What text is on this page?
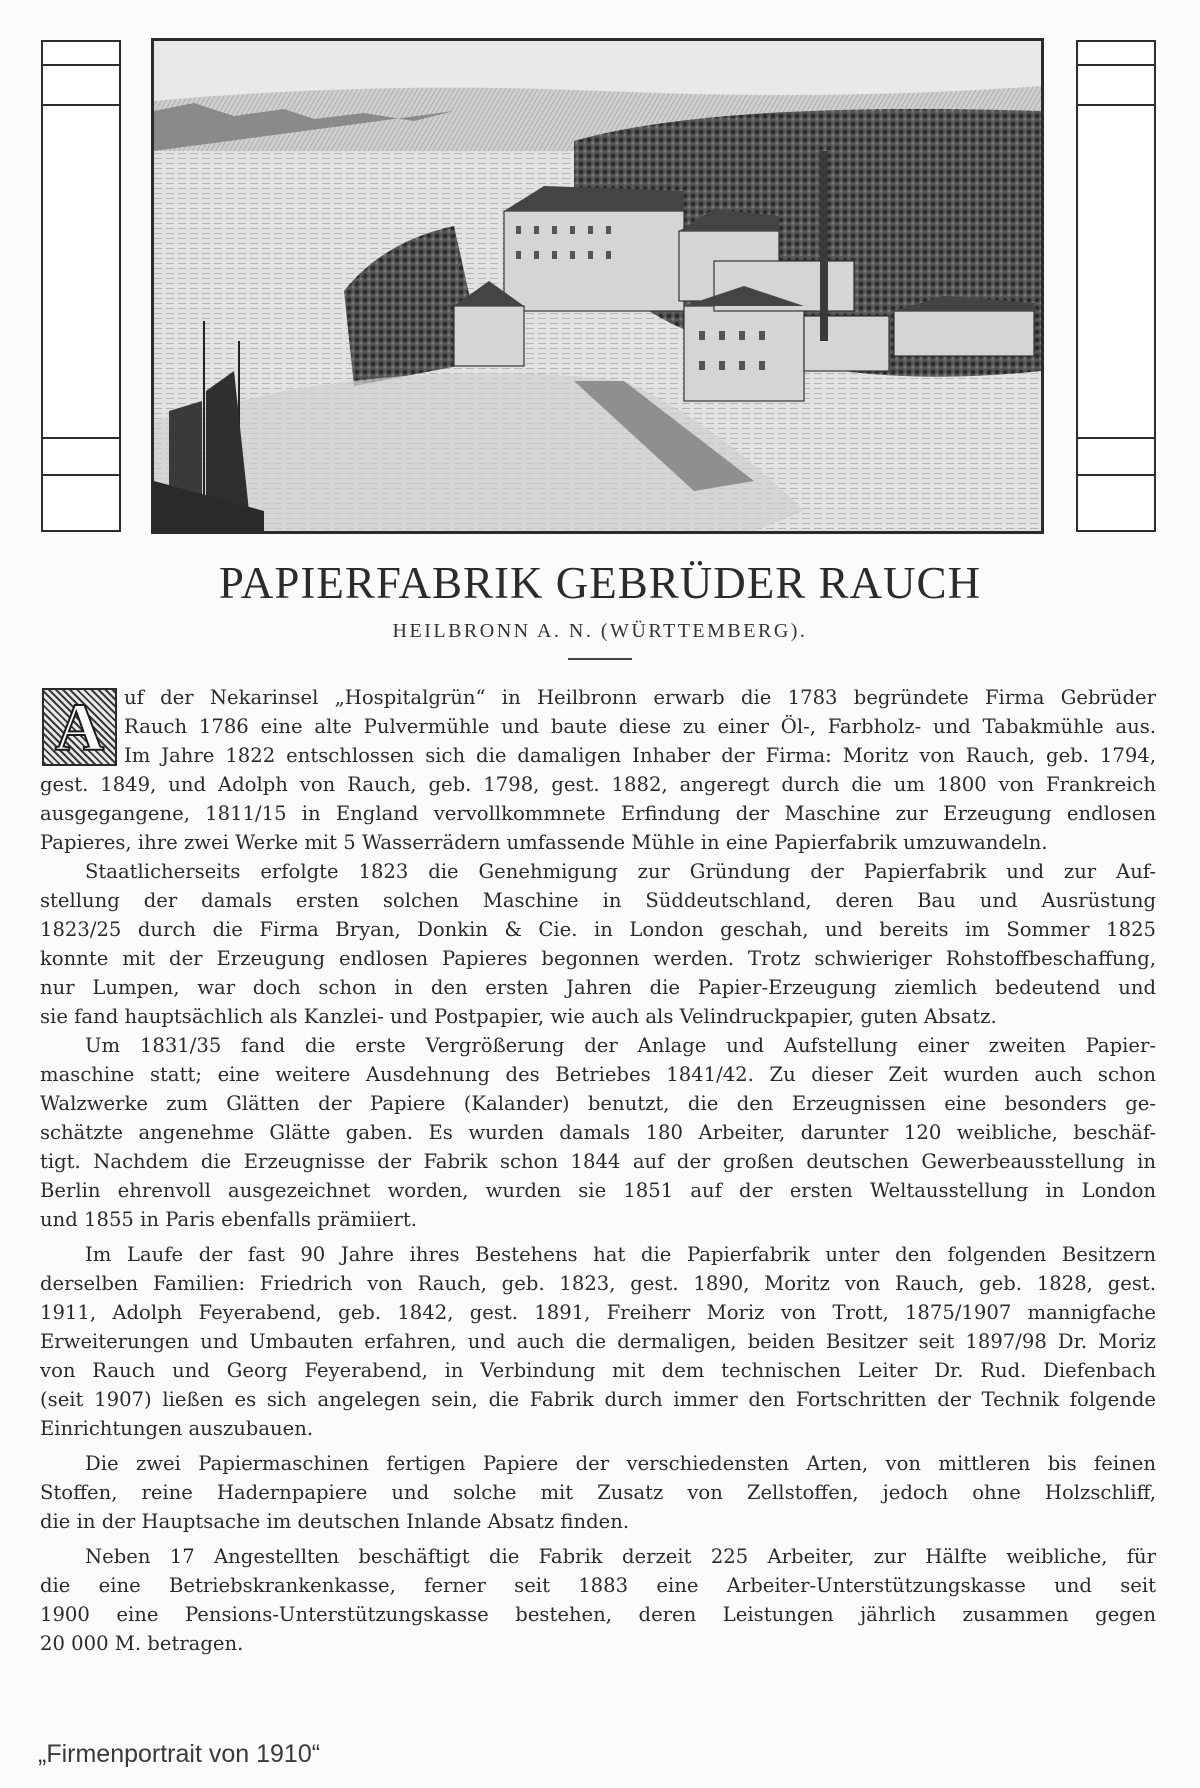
PAPIERFABRIK GEBRÜDER RAUCH
HEILBRONN A. N. (WÜRTTEMBERG).
A uf der Nekarinsel „Hospitalgrün“ in Heilbronn erwarb die 1783 begründete Firma Gebrüder
Rauch 1786 eine alte Pulvermühle und baute diese zu einer Öl-, Farbholz- und Tabakmühle aus.
Im Jahre 1822 entschlossen sich die damaligen Inhaber der Firma: Moritz von Rauch, geb. 1794,
gest. 1849, und Adolph von Rauch, geb. 1798, gest. 1882, angeregt durch die um 1800 von Frankreich
ausgegangene, 1811/15 in England vervollkommnete Erfindung der Maschine zur Erzeugung endlosen
Papieres, ihre zwei Werke mit 5 Wasserrädern umfassende Mühle in eine Papierfabrik umzuwandeln.
Staatlicherseits erfolgte 1823 die Genehmigung zur Gründung der Papierfabrik und zur Auf-
stellung der damals ersten solchen Maschine in Süddeutschland, deren Bau und Ausrüstung
1823/25 durch die Firma Bryan, Donkin & Cie. in London geschah, und bereits im Sommer 1825
konnte mit der Erzeugung endlosen Papieres begonnen werden. Trotz schwieriger Rohstoffbeschaffung,
nur Lumpen, war doch schon in den ersten Jahren die Papier-Erzeugung ziemlich bedeutend und
sie fand hauptsächlich als Kanzlei- und Postpapier, wie auch als Velindruckpapier, guten Absatz.
Um 1831/35 fand die erste Vergrößerung der Anlage und Aufstellung einer zweiten Papier-
maschine statt; eine weitere Ausdehnung des Betriebes 1841/42. Zu dieser Zeit wurden auch schon
Walzwerke zum Glätten der Papiere (Kalander) benutzt, die den Erzeugnissen eine besonders ge-
schätzte angenehme Glätte gaben. Es wurden damals 180 Arbeiter, darunter 120 weibliche, beschäf-
tigt. Nachdem die Erzeugnisse der Fabrik schon 1844 auf der großen deutschen Gewerbeausstellung in
Berlin ehrenvoll ausgezeichnet worden, wurden sie 1851 auf der ersten Weltausstellung in London
und 1855 in Paris ebenfalls prämiiert.
Im Laufe der fast 90 Jahre ihres Bestehens hat die Papierfabrik unter den folgenden Besitzern
derselben Familien: Friedrich von Rauch, geb. 1823, gest. 1890, Moritz von Rauch, geb. 1828, gest.
1911, Adolph Feyerabend, geb. 1842, gest. 1891, Freiherr Moriz von Trott, 1875/1907 mannigfache
Erweiterungen und Umbauten erfahren, und auch die dermaligen, beiden Besitzer seit 1897/98 Dr. Moriz
von Rauch und Georg Feyerabend, in Verbindung mit dem technischen Leiter Dr. Rud. Diefenbach
(seit 1907) ließen es sich angelegen sein, die Fabrik durch immer den Fortschritten der Technik folgende
Einrichtungen auszubauen.
Die zwei Papiermaschinen fertigen Papiere der verschiedensten Arten, von mittleren bis feinen
Stoffen, reine Hadernpapiere und solche mit Zusatz von Zellstoffen, jedoch ohne Holzschliff,
die in der Hauptsache im deutschen Inlande Absatz finden.
Neben 17 Angestellten beschäftigt die Fabrik derzeit 225 Arbeiter, zur Hälfte weibliche, für
die eine Betriebskrankenkasse, ferner seit 1883 eine Arbeiter-Unterstützungskasse und seit
1900 eine Pensions-Unterstützungskasse bestehen, deren Leistungen jährlich zusammen gegen
20 000 M. betragen.
„Firmenportrait von 1910“
